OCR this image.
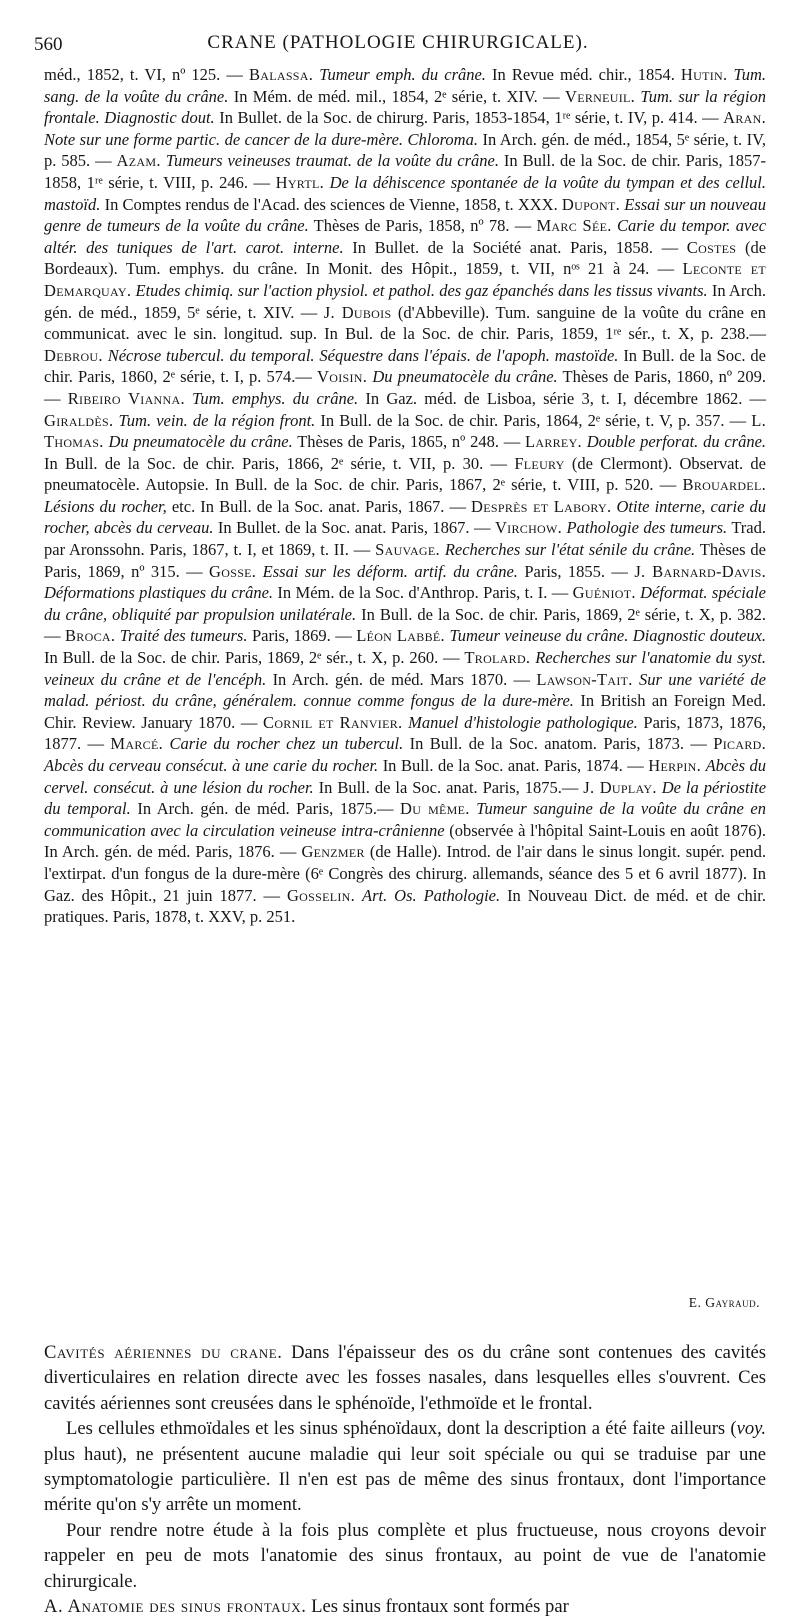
560	CRANE (PATHOLOGIE CHIRURGICALE).

méd., 1852, t. VI, nº 125. — Balassa. Tumeur emph. du crâne. In Revue méd. chir., 1854. Hutin. Tum. sang. de la voûte du crâne. In Mém. de méd. mil., 1854, 2ᵉ série, t. XIV. — Verneuil. Tum. sur la région frontale. Diagnostic dout. In Bullet. de la Soc. de chirurg. Paris, 1853-1854, 1ʳᵉ série, t. IV, p. 414. — Aran. Note sur une forme partic. de cancer de la dure-mère. Chloroma. In Arch. gén. de méd., 1854, 5ᵉ série, t. IV, p. 585. — Azam. Tumeurs veineuses traumat. de la voûte du crâne. In Bull. de la Soc. de chir. Paris, 1857-1858, 1ʳᵉ série, t. VIII, p. 246. — Hyrtl. De la déhiscence spontanée de la voûte du tympan et des cellul. mastoïd. In Comptes rendus de l'Acad. des sciences de Vienne, 1858, t. XXX. Dupont. Essai sur un nouveau genre de tumeurs de la voûte du crâne. Thèses de Paris, 1858, nº 78. — Marc Sée. Carie du tempor. avec altér. des tuniques de l'art. carot. interne. In Bullet. de la Société anat. Paris, 1858. — Costes (de Bordeaux). Tum. emphys. du crâne. In Monit. des Hôpit., 1859, t. VII, nᵒˢ 21 à 24. — Leconte et Demarquay. Etudes chimiq. sur l'action physiol. et pathol. des gaz épanchés dans les tissus vivants. In Arch. gén. de méd., 1859, 5ᵉ série, t. XIV. — J. Dubois (d'Abbeville). Tum. sanguine de la voûte du crâne en communicat. avec le sin. longitud. sup. In Bul. de la Soc. de chir. Paris, 1859, 1ʳᵉ sér., t. X, p. 238.— Debrou. Nécrose tubercul. du temporal. Séquestre dans l'épais. de l'apoph. mastoïde. In Bull. de la Soc. de chir. Paris, 1860, 2ᵉ série, t. I, p. 574.— Voisin. Du pneumatocèle du crâne. Thèses de Paris, 1860, nº 209. — Ribeiro Vianna. Tum. emphys. du crâne. In Gaz. méd. de Lisboa, série 3, t. I, décembre 1862. — Giraldès. Tum. vein. de la région front. In Bull. de la Soc. de chir. Paris, 1864, 2ᵉ série, t. V, p. 357. — L. Thomas. Du pneumatocèle du crâne. Thèses de Paris, 1865, nº 248. — Larrey. Double perforat. du crâne. In Bull. de la Soc. de chir. Paris, 1866, 2ᵉ série, t. VII, p. 30. — Fleury (de Clermont). Observat. de pneumatocèle. Autopsie. In Bull. de la Soc. de chir. Paris, 1867, 2ᵉ série, t. VIII, p. 520. — Brouardel. Lésions du rocher, etc. In Bull. de la Soc. anat. Paris, 1867. — Desprès et Labory. Otite interne, carie du rocher, abcès du cerveau. In Bullet. de la Soc. anat. Paris, 1867. — Virchow. Pathologie des tumeurs. Trad. par Aronssohn. Paris, 1867, t. I, et 1869, t. II. — Sauvage. Recherches sur l'état sénile du crâne. Thèses de Paris, 1869, nº 315. — Gosse. Essai sur les déform. artif. du crâne. Paris, 1855. — J. Barnard-Davis. Déformations plastiques du crâne. In Mém. de la Soc. d'Anthrop. Paris, t. I. — Guéniot. Déformat. spéciale du crâne, obliquité par propulsion unilatérale. In Bull. de la Soc. de chir. Paris, 1869, 2ᵉ série, t. X, p. 382. — Broca. Traité des tumeurs. Paris, 1869. — Léon Labbé. Tumeur veineuse du crâne. Diagnostic douteux. In Bull. de la Soc. de chir. Paris, 1869, 2ᵉ sér., t. X, p. 260. — Trolard. Recherches sur l'anatomie du syst. veineux du crâne et de l'encéph. In Arch. gén. de méd. Mars 1870. — Lawson-Tait. Sur une variété de malad. périost. du crâne, généralem. connue comme fongus de la dure-mère. In British an Foreign Med. Chir. Review. January 1870. — Cornil et Ranvier. Manuel d'histologie pathologique. Paris, 1873, 1876, 1877. — Marcé. Carie du rocher chez un tubercul. In Bull. de la Soc. anatom. Paris, 1873. — Picard. Abcès du cerveau consécut. à une carie du rocher. In Bull. de la Soc. anat. Paris, 1874. — Herpin. Abcès du cervel. consécut. à une lésion du rocher. In Bull. de la Soc. anat. Paris, 1875.— J. Duplay. De la périostite du temporal. In Arch. gén. de méd. Paris, 1875.— Du même. Tumeur sanguine de la voûte du crâne en communication avec la circulation veineuse intra-crânienne (observée à l'hôpital Saint-Louis en août 1876). In Arch. gén. de méd. Paris, 1876. — Genzmer (de Halle). Introd. de l'air dans le sinus longit. supér. pend. l'extirpat. d'un fongus de la dure-mère (6ᵉ Congrès des chirurg. allemands, séance des 5 et 6 avril 1877). In Gaz. des Hôpit., 21 juin 1877. — Gosselin. Art. Os. Pathologie. In Nouveau Dict. de méd. et de chir. pratiques. Paris, 1878, t. XXV, p. 251.

E. Gayraud.

Cavités aériennes du crane. Dans l'épaisseur des os du crâne sont contenues des cavités diverticulaires en relation directe avec les fosses nasales, dans lesquelles elles s'ouvrent. Ces cavités aériennes sont creusées dans le sphénoïde, l'ethmoïde et le frontal.

Les cellules ethmoïdales et les sinus sphénoïdaux, dont la description a été faite ailleurs (voy. plus haut), ne présentent aucune maladie qui leur soit spéciale ou qui se traduise par une symptomatologie particulière. Il n'en est pas de même des sinus frontaux, dont l'importance mérite qu'on s'y arrête un moment.

Pour rendre notre étude à la fois plus complète et plus fructueuse, nous croyons devoir rappeler en peu de mots l'anatomie des sinus frontaux, au point de vue de l'anatomie chirurgicale.

A. Anatomie des sinus frontaux. Les sinus frontaux sont formés par
